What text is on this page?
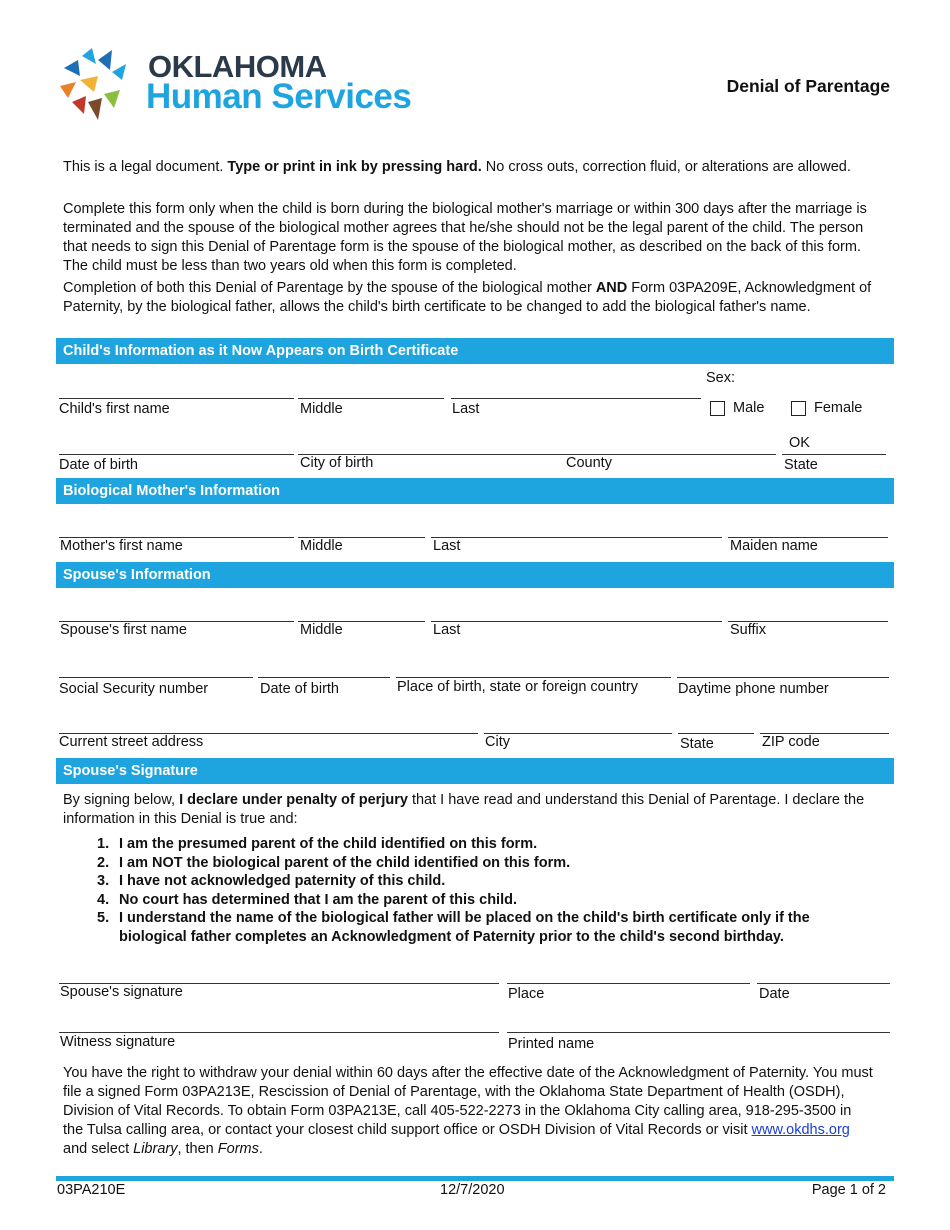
OKLAHOMA
Human Services	Denial of Parentage
This is a legal document. Type or print in ink by pressing hard. No cross outs, correction fluid, or alterations are allowed.
Complete this form only when the child is born during the biological mother's marriage or within 300 days after the marriage is terminated and the spouse of the biological mother agrees that he/she should not be the legal parent of the child. The person that needs to sign this Denial of Parentage form is the spouse of the biological mother, as described on the back of this form. The child must be less than two years old when this form is completed.
Completion of both this Denial of Parentage by the spouse of the biological mother AND Form 03PA209E, Acknowledgment of Paternity, by the biological father, allows the child's birth certificate to be changed to add the biological father's name.
Child's Information as it Now Appears on Birth Certificate
Sex:
Child's first name	Middle	Last	Male	Female
OK
Date of birth	City of birth	County	State
Biological Mother's Information
Mother's first name	Middle	Last	Maiden name
Spouse's Information
Spouse's first name	Middle	Last	Suffix
Social Security number	Date of birth	Place of birth, state or foreign country	Daytime phone number
Current street address	City	State	ZIP code
Spouse's Signature
By signing below, I declare under penalty of perjury that I have read and understand this Denial of Parentage. I declare the information in this Denial is true and:
1. I am the presumed parent of the child identified on this form.
2. I am NOT the biological parent of the child identified on this form.
3. I have not acknowledged paternity of this child.
4. No court has determined that I am the parent of this child.
5. I understand the name of the biological father will be placed on the child's birth certificate only if the biological father completes an Acknowledgment of Paternity prior to the child's second birthday.
Spouse's signature	Place	Date
Witness signature	Printed name
You have the right to withdraw your denial within 60 days after the effective date of the Acknowledgment of Paternity. You must file a signed Form 03PA213E, Rescission of Denial of Parentage, with the Oklahoma State Department of Health (OSDH), Division of Vital Records. To obtain Form 03PA213E, call 405-522-2273 in the Oklahoma City calling area, 918-295-3500 in the Tulsa calling area, or contact your closest child support office or OSDH Division of Vital Records or visit www.okdhs.org and select Library, then Forms.
03PA210E	12/7/2020	Page 1 of 2
